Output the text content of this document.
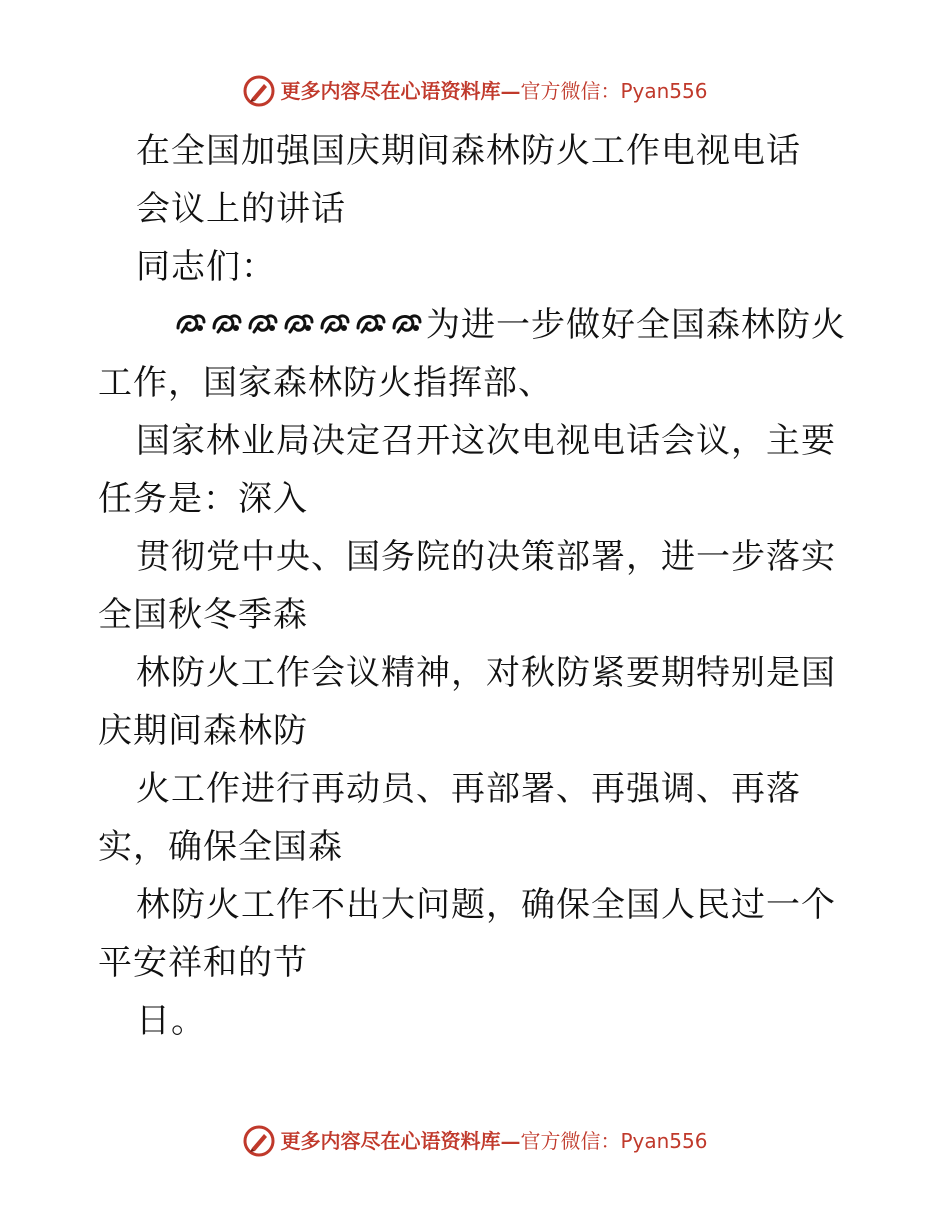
更多内容尽在心语资料库— 官方微信：Pyan556

在全国加强国庆期间森林防火工作电视电话

会议上的讲话

同志们：

为进一步做好全国森林防火工作，国家森林防火指挥部、

国家林业局决定召开这次电视电话会议，主要任务是：深入

贯彻党中央、国务院的决策部署，进一步落实全国秋冬季森

林防火工作会议精神，对秋防紧要期特别是国庆期间森林防

火工作进行再动员、再部署、再强调、再落实，确保全国森

林防火工作不出大问题，确保全国人民过一个平安祥和的节

日。

更多内容尽在心语资料库— 官方微信：Pyan556
